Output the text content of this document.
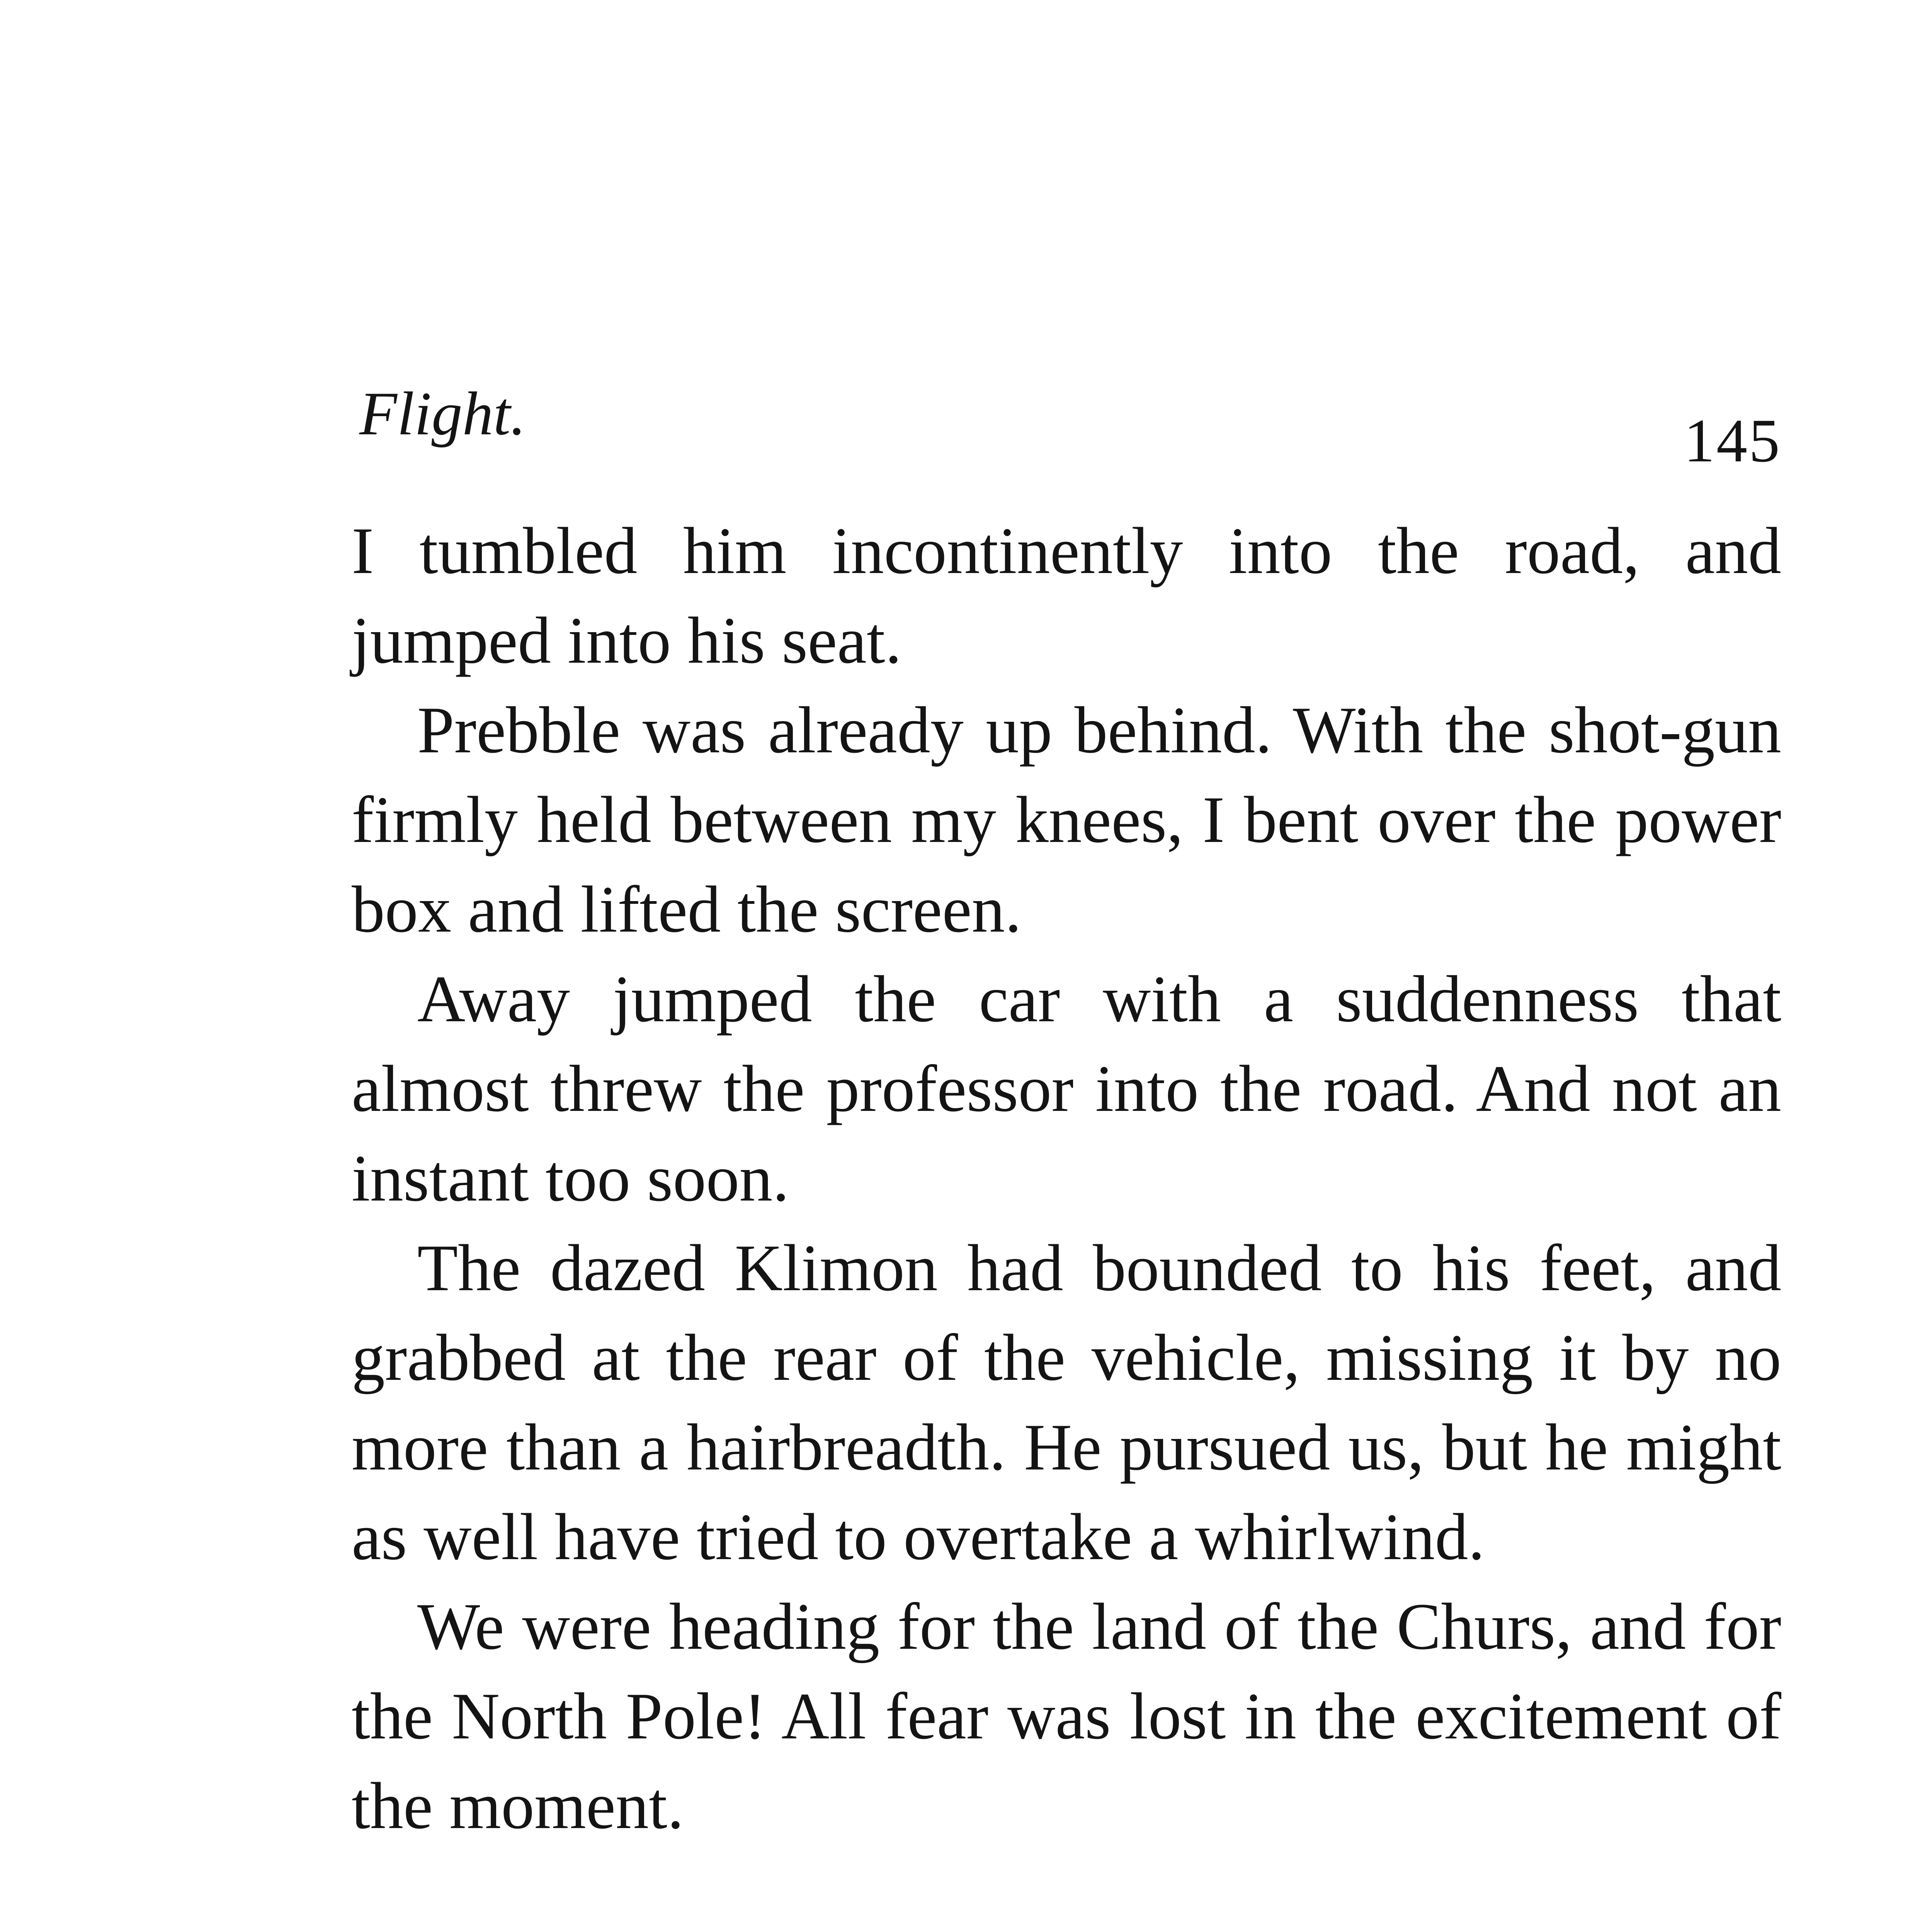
Flight.	145

I tumbled him incontinently into the road, and jumped into his seat.

Prebble was already up behind. With the shot-gun firmly held between my knees, I bent over the power box and lifted the screen.

Away jumped the car with a suddenness that almost threw the professor into the road. And not an instant too soon.

The dazed Klimon had bounded to his feet, and grabbed at the rear of the vehicle, missing it by no more than a hairbreadth. He pursued us, but he might as well have tried to overtake a whirlwind.

We were heading for the land of the Churs, and for the North Pole! All fear was lost in the excitement of the moment.
